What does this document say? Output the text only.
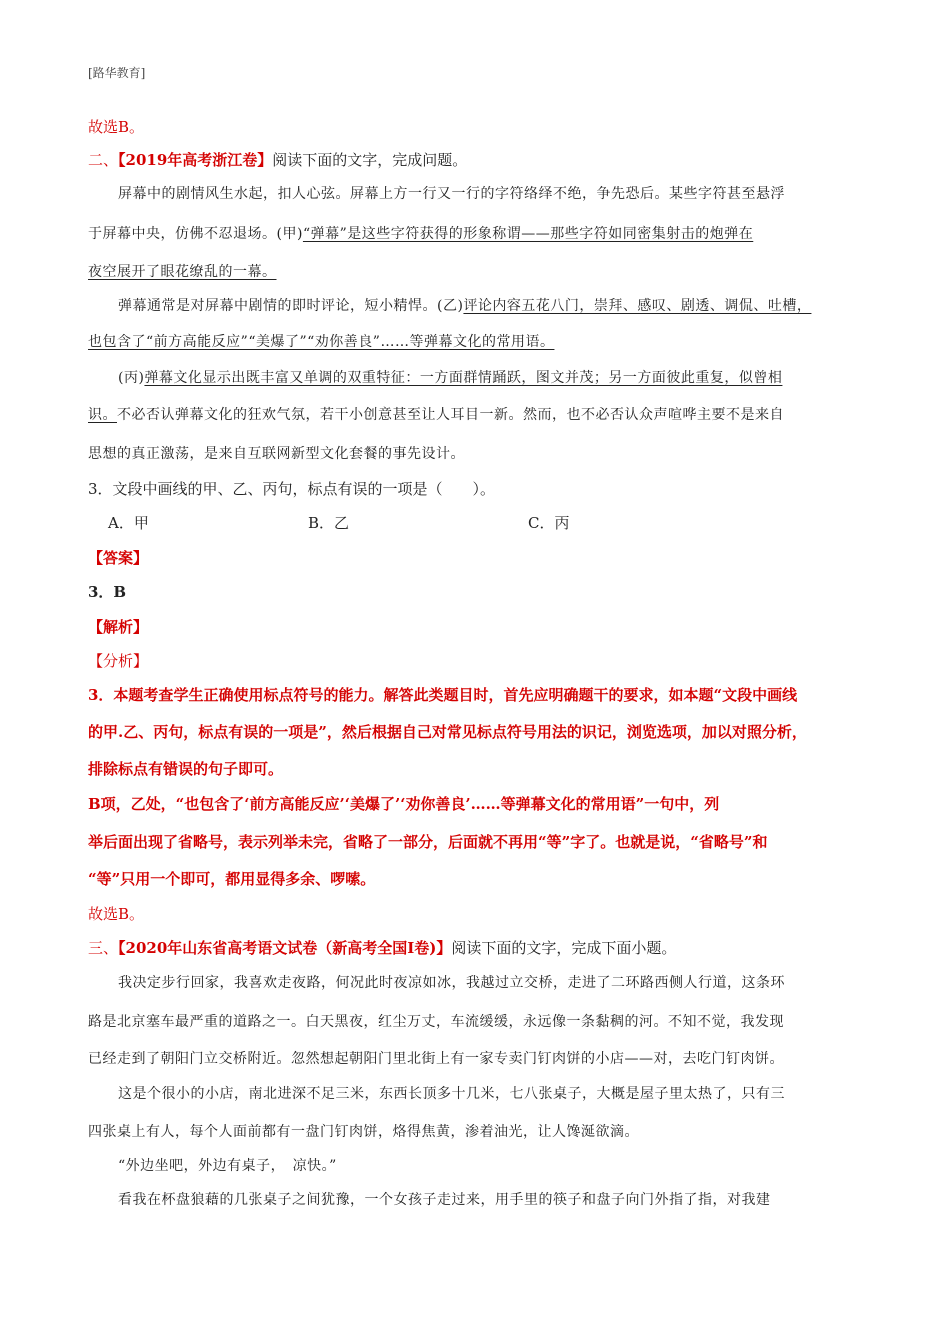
[路华教育]
故选B。
二、【2019年高考浙江卷】阅读下面的文字，完成问题。
屏幕中的剧情风生水起，扣人心弦。屏幕上方一行又一行的字符络绎不绝，争先恐后。某些字符甚至悬浮
于屏幕中央，仿佛不忍退场。(甲)“弹幕”是这些字符获得的形象称谓——那些字符如同密集射击的炮弹在
夜空展开了眼花缭乱的一幕。
弹幕通常是对屏幕中剧情的即时评论，短小精悍。(乙)评论内容五花八门，崇拜、感叹、剧透、调侃、吐槽，
也包含了“前方高能反应”“美爆了”“劝你善良”……等弹幕文化的常用语。
(丙)弹幕文化显示出既丰富又单调的双重特征：一方面群情踊跃，图文并茂；另一方面彼此重复，似曾相
识。不必否认弹幕文化的狂欢气氛，若干小创意甚至让人耳目一新。然而，也不必否认众声喧哗主要不是来自
思想的真正激荡，是来自互联网新型文化套餐的事先设计。
3．文段中画线的甲、乙、丙句，标点有误的一项是（　　）。
A．甲	B．乙	C．丙
【答案】
3．B
【解析】
【分析】
3．本题考查学生正确使用标点符号的能力。解答此类题目时，首先应明确题干的要求，如本题“文段中画线
的甲.乙、丙句，标点有误的一项是”，然后根据自己对常见标点符号用法的识记，浏览选项，加以对照分析，
排除标点有错误的句子即可。
B项，乙处，“也包含了‘前方高能反应’‘美爆了’‘劝你善良’……等弹幕文化的常用语”一句中，列
举后面出现了省略号，表示列举未完，省略了一部分，后面就不再用“等”字了。也就是说，“省略号”和
“等”只用一个即可，都用显得多余、啰嗦。
故选B。
三、【2020年山东省高考语文试卷（新高考全国Ⅰ卷)】阅读下面的文字，完成下面小题。
我决定步行回家，我喜欢走夜路，何况此时夜凉如冰，我越过立交桥，走进了二环路西侧人行道，这条环
路是北京塞车最严重的道路之一。白天黑夜，红尘万丈，车流缓缓，永远像一条黏稠的河。不知不觉，我发现
已经走到了朝阳门立交桥附近。忽然想起朝阳门里北街上有一家专卖门钉肉饼的小店——对，去吃门钉肉饼。
这是个很小的小店，南北进深不足三米，东西长顶多十几米，七八张桌子，大概是屋子里太热了，只有三
四张桌上有人，每个人面前都有一盘门钉肉饼，烙得焦黄，渗着油光，让人馋涎欲滴。
“外边坐吧，外边有桌子，　凉快。”
看我在杯盘狼藉的几张桌子之间犹豫，一个女孩子走过来，用手里的筷子和盘子向门外指了指，对我建
